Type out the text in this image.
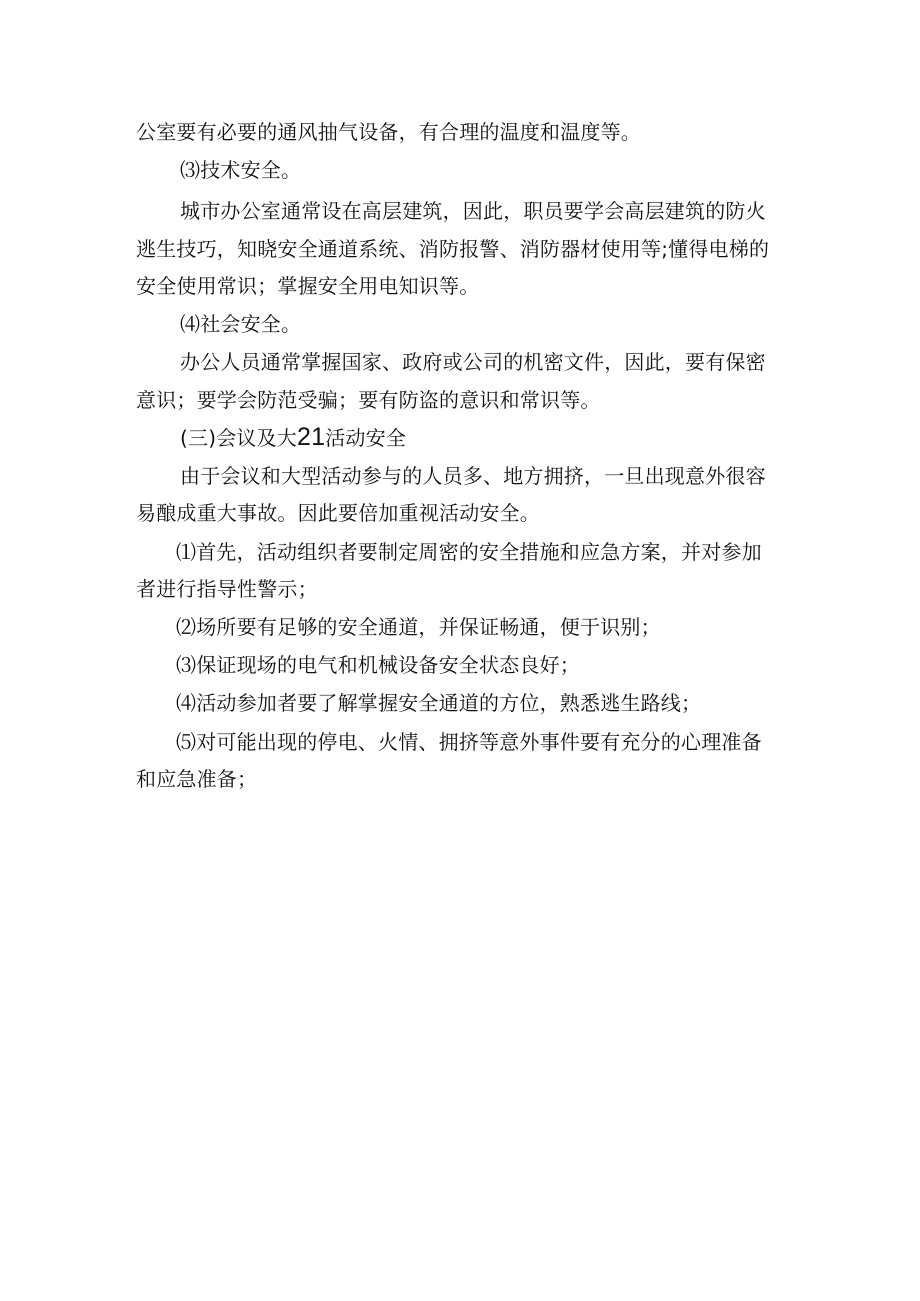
公室要有必要的通风抽气设备，有合理的温度和温度等。
⑶技术安全。
城市办公室通常设在高层建筑，因此，职员要学会高层建筑的防火
逃生技巧，知晓安全通道系统、消防报警、消防器材使用等;懂得电梯的
安全使用常识；掌握安全用电知识等。
⑷社会安全。
办公人员通常掌握国家、政府或公司的机密文件，因此，要有保密
意识；要学会防范受骗；要有防盗的意识和常识等。
(三)会议及大21活动安全
由于会议和大型活动参与的人员多、地方拥挤，一旦出现意外很容
易酿成重大事故。因此要倍加重视活动安全。
⑴首先，活动组织者要制定周密的安全措施和应急方案，并对参加
者进行指导性警示；
⑵场所要有足够的安全通道，并保证畅通，便于识别；
⑶保证现场的电气和机械设备安全状态良好；
⑷活动参加者要了解掌握安全通道的方位，熟悉逃生路线；
⑸对可能出现的停电、火情、拥挤等意外事件要有充分的心理准备
和应急准备；
